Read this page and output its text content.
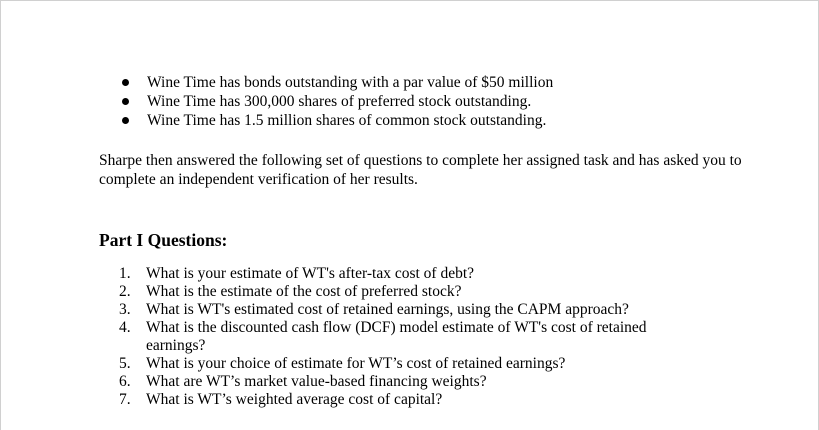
Wine Time has bonds outstanding with a par value of $50 million
Wine Time has 300,000 shares of preferred stock outstanding.
Wine Time has 1.5 million shares of common stock outstanding.

Sharpe then answered the following set of questions to complete her assigned task and has asked you to complete an independent verification of her results.

Part I Questions:
1. What is your estimate of WT's after-tax cost of debt?
2. What is the estimate of the cost of preferred stock?
3. What is WT's estimated cost of retained earnings, using the CAPM approach?
4. What is the discounted cash flow (DCF) model estimate of WT's cost of retained earnings?
5. What is your choice of estimate for WT’s cost of retained earnings?
6. What are WT’s market value-based financing weights?
7. What is WT’s weighted average cost of capital?
